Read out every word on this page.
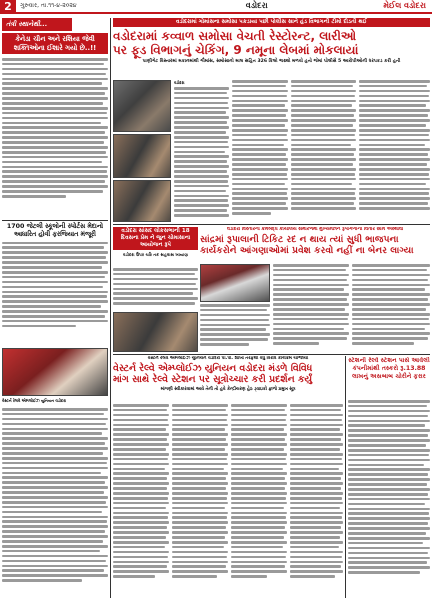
2	ગુરુવાર, તા.૧૧-૪-૨૦૨૪	વડોદરા	મેઈલ વડોદરા
તંત્રી સ્થાનેથી...
કેનેડા ચીન અને રશિયા જેવી શક્તિઓના ઈશારે ગયો છે..!!
1700 જેટલી સ્કૂલોની સ્પોર્ટસ મેદાનો આધારિત હોવી ફરજિયાત મંજૂરી
વેસ્ટર્ન રેલવે એમ્પ્લોઈઝ યુનિયન વડોદરા
વડોદરામાં ગોમાંસના સમોસા પકડાયા પછી પોલીસ સાને હંડ વિભાગની ટીમો દોડતી થઈ
વડોદરામાં કવ્વાળ સમોસા વેચતી રેસ્ટોરન્ટ, લારીઓ
પર ફૂડ વિભાગનું ચેકિંગ, 9 નમૂના લેબમાં મોકલાયાં
પાણીગેટ વિસ્તારમાં મકાનમાંથી ગૌમાંસ, સમોસાનો માલ સહિત 326 કિલો જથ્થો મળવો હતો જેમાં પોલીસે 5 આરોપીઓની ધરપકડ કરી હતી
વડોદરા
વડોદરા સાંસદ લોકસભાની 18 દિવસના પ્રેમ ને જુન ચોમાસાના આયોજન રૂપે
વડોદરા ઉપર ચરિ તક સહવાસ ખાયાણ
વડોદરા વિસ્તારના ક્રમબદ્ધ કાર્યાલય સમારંભમાં મુખ્યમંત્રિન રૂપાંગળાની વિતાર સામે અસ્થાવો
સાંદ્રમાં રૂપાલાની ટિકિટ રદ ન થાય ત્યાં સુધી ભાજપના
કાર્યકરોને આંગણાઓમાં પ્રવેશ કરવો નહીં ના બેનર લાગ્યા
વેસ્ટર્ન રેલવે એમ્પ્લોઈઝ યુનિયન વડોદરા પી.પી. શાખા તરફથી વધુ વિરોધ કાર્યક્રમ યોજાયો
વેસ્ટર્ન રેલ્વે એમ્પ્લોઈઝ યુનિયન વડોદરા મંડળે વિવિધ
માંગ સાથે રેલ્વે સ્ટેશન પર સૂત્રોચ્ચાર કરી પ્રદર્શન કર્યું
માંગણી સ્વીકારવામાં આવે તેની તો હવે કેન્દ્રીયરણ હેઠ ડ્વાઇકો ફાળો પ્રમુખ સૂત્ર
સ્ટેશની રેલ્વે સ્ટેશન પાસે આવેલી
કંપનીમાંથી તસ્કરો રૂ.13.88
લાખનું અસબાબ ચોરીને ફરાર
